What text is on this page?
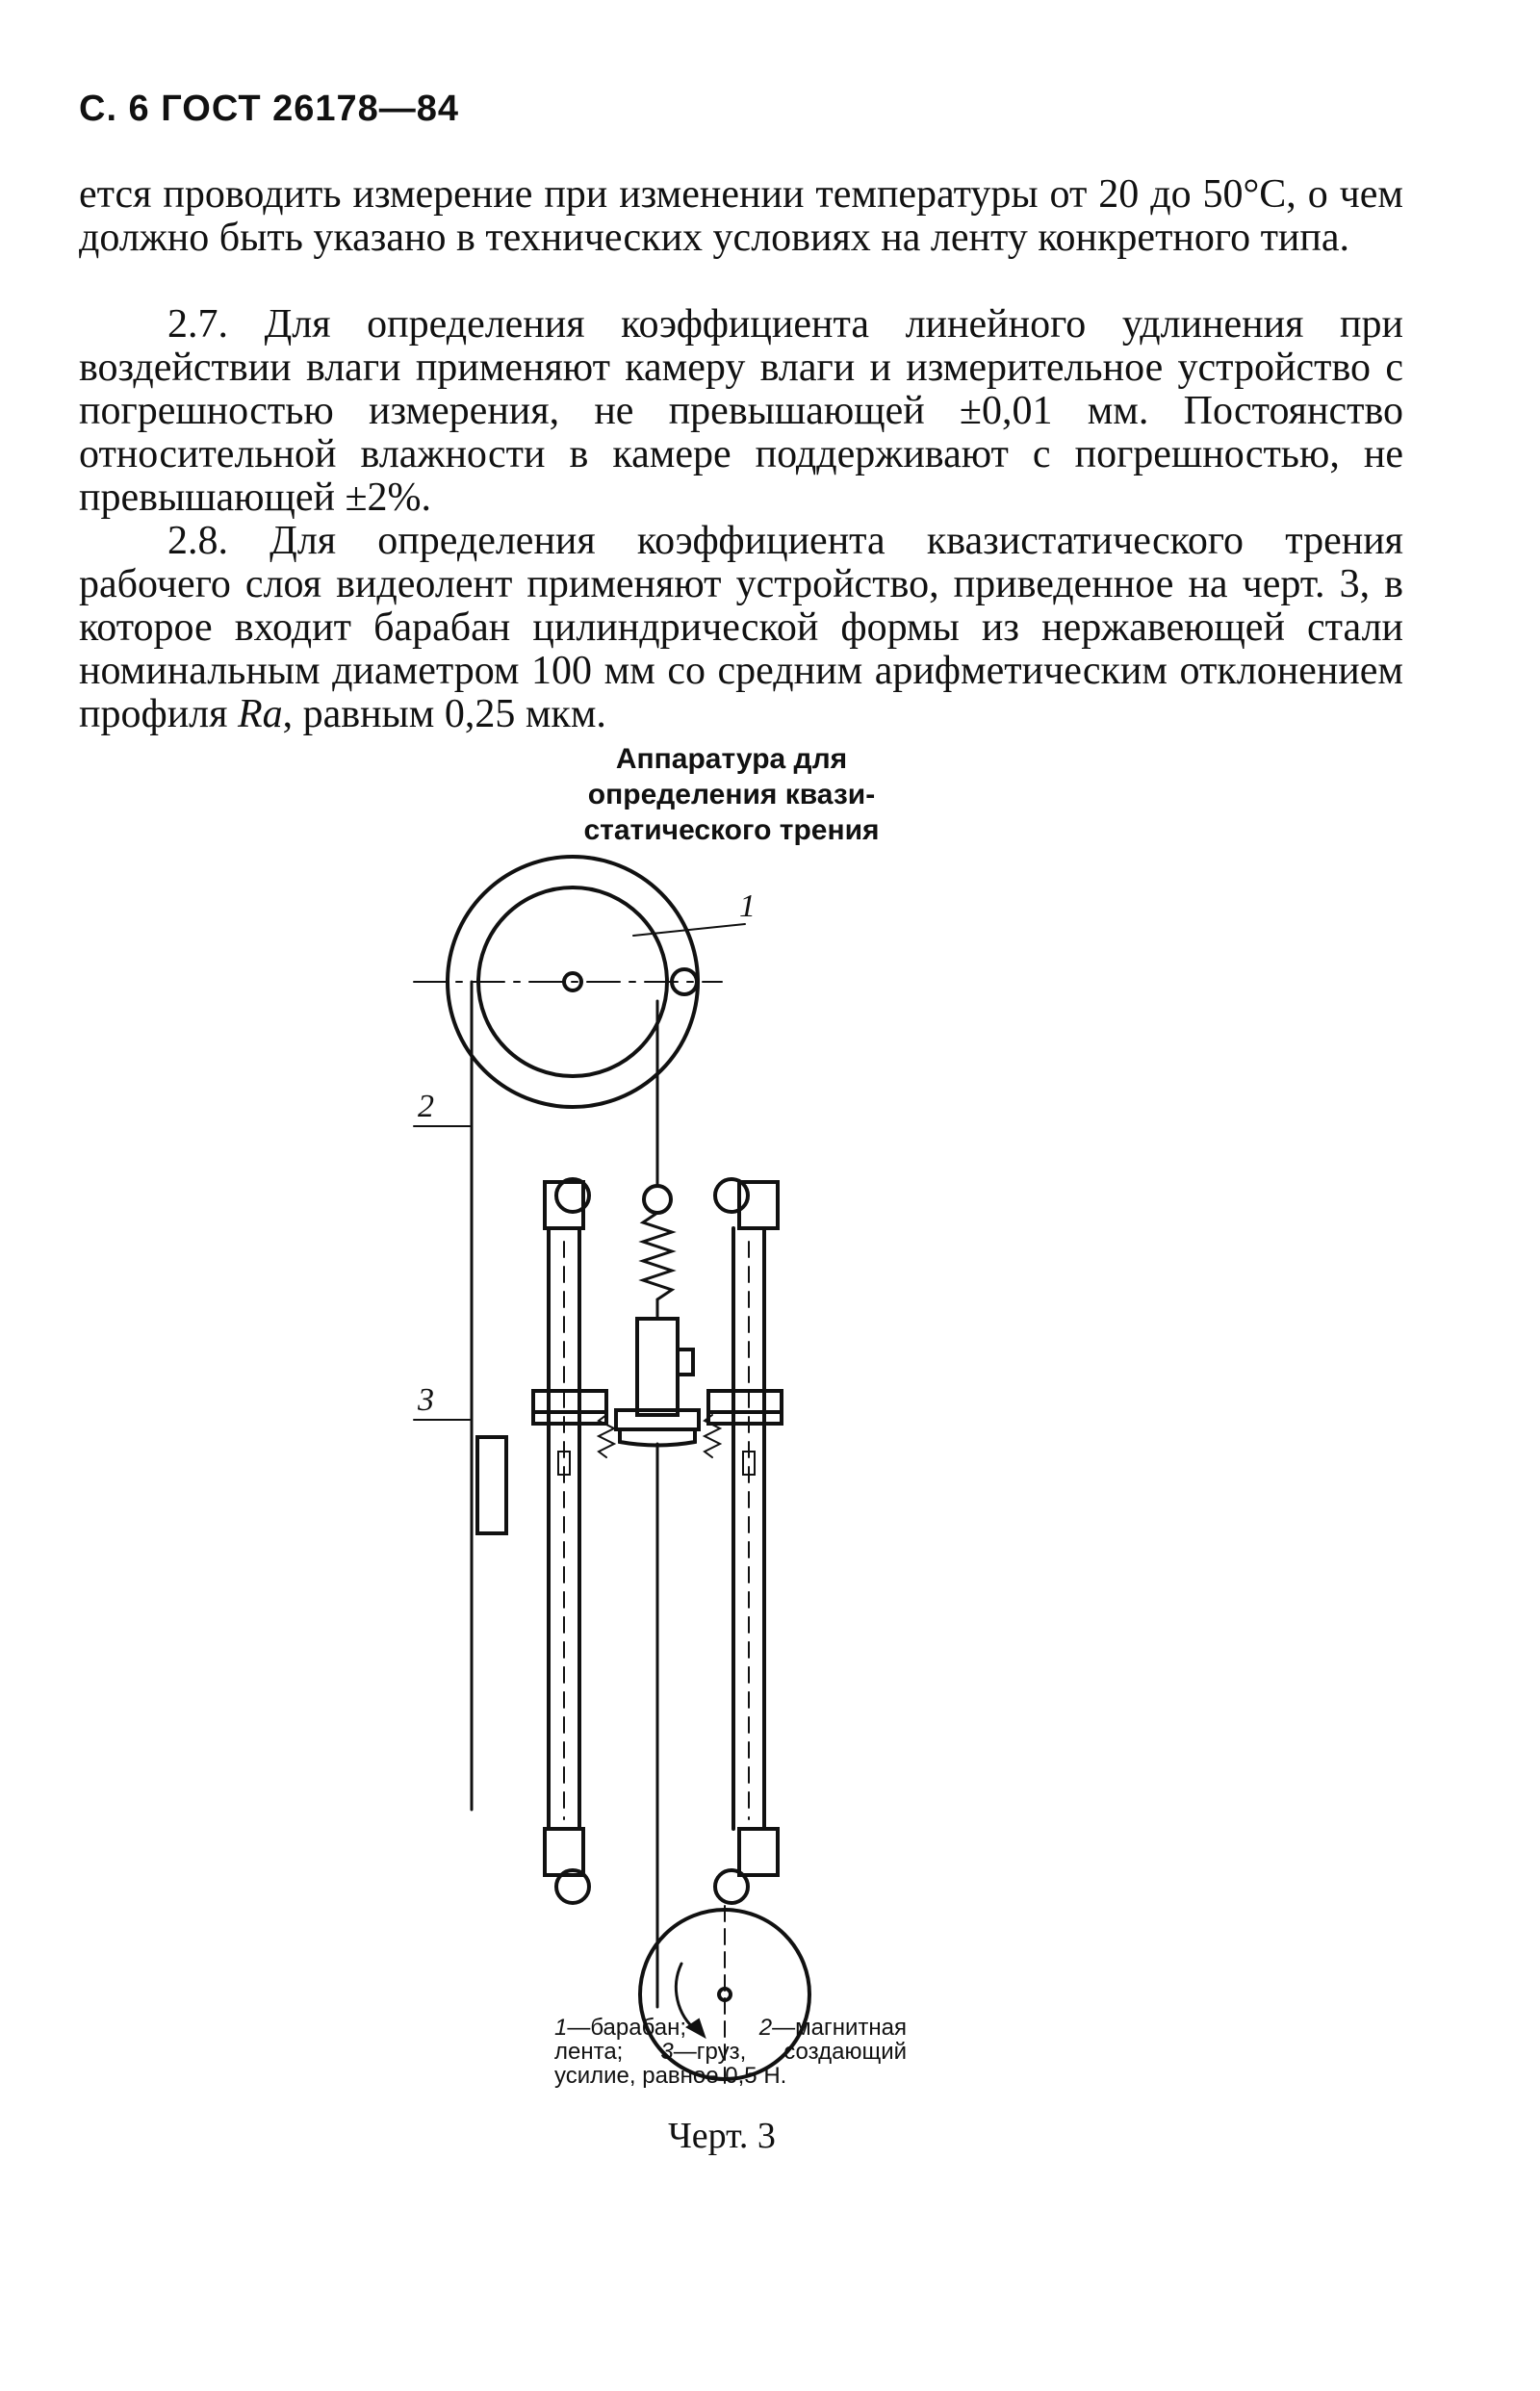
С. 6 ГОСТ 26178—84

ется проводить измерение при изменении температуры от 20 до 50°С, о чем должно быть указано в технических условиях на ленту конкретного типа.

2.7. Для определения коэффициента линейного удлинения при воздействии влаги применяют камеру влаги и измерительное устройство с погрешностью измерения, не превышающей ±0,01 мм. Постоянство относительной влажности в камере поддерживают с погрешностью, не превышающей ±2%.

2.8. Для определения коэффициента квазистатического трения рабочего слоя видеолент применяют устройство, приведенное на черт. 3, в которое входит барабан цилиндрической формы из нержавеющей стали номинальным диаметром 100 мм со средним арифметическим отклонением профиля Ra, равным 0,25 мкм.

Аппаратура для
определения квази-
статического трения
1
2
3
1—барабан; 2—магнитная лента; 3—груз, создающий усилие, равное 0,5 Н.
Черт. 3
